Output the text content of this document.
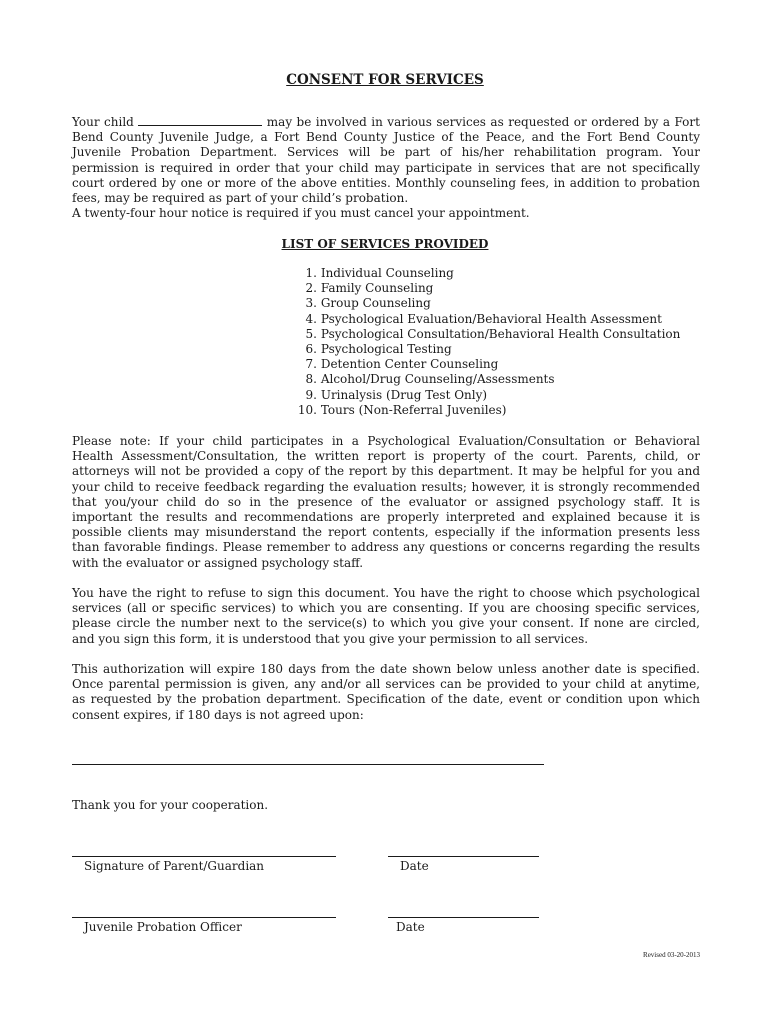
CONSENT FOR SERVICES
Your child	may be involved in various services as requested or ordered by a Fort
Bend County Juvenile Judge, a Fort Bend County Justice of the Peace, and the Fort Bend County
Juvenile Probation Department. Services will be part of his/her rehabilitation program. Your
permission is required in order that your child may participate in services that are not specifically
court ordered by one or more of the above entities. Monthly counseling fees, in addition to probation
fees, may be required as part of your child’s probation.
A twenty-four hour notice is required if you must cancel your appointment.
LIST OF SERVICES PROVIDED
1.
Individual Counseling
2.
Family Counseling
3.
Group Counseling
4.
Psychological Evaluation/Behavioral Health Assessment
5.
Psychological Consultation/Behavioral Health Consultation
6.
Psychological Testing
7.
Detention Center Counseling
8.
Alcohol/Drug Counseling/Assessments
9.
Urinalysis (Drug Test Only)
10.
Tours (Non-Referral Juveniles)
Please note: If your child participates in a Psychological Evaluation/Consultation or Behavioral
Health Assessment/Consultation, the written report is property of the court. Parents, child, or
attorneys will not be provided a copy of the report by this department. It may be helpful for you and
your child to receive feedback regarding the evaluation results; however, it is strongly recommended
that you/your child do so in the presence of the evaluator or assigned psychology staff. It is
important the results and recommendations are properly interpreted and explained because it is
possible clients may misunderstand the report contents, especially if the information presents less
than favorable findings. Please remember to address any questions or concerns regarding the results
with the evaluator or assigned psychology staff.
You have the right to refuse to sign this document. You have the right to choose which psychological
services (all or specific services) to which you are consenting. If you are choosing specific services,
please circle the number next to the service(s) to which you give your consent. If none are circled,
and you sign this form, it is understood that you give your permission to all services.
This authorization will expire 180 days from the date shown below unless another date is specified.
Once parental permission is given, any and/or all services can be provided to your child at anytime,
as requested by the probation department. Specification of the date, event or condition upon which
consent expires, if 180 days is not agreed upon:
Thank you for your cooperation.
Signature of Parent/Guardian	Date
Juvenile Probation Officer	Date
Revised 03-20-2013
